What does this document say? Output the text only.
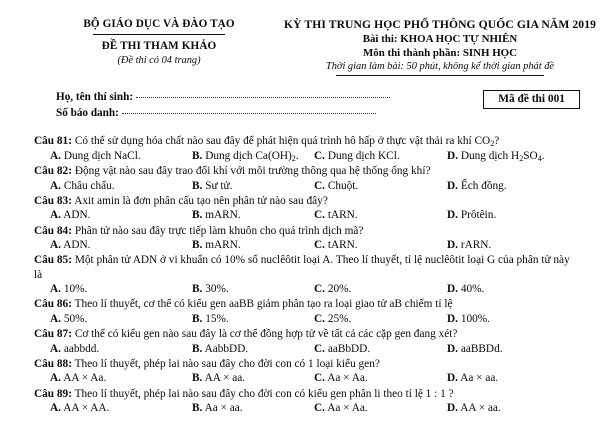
BỘ GIÁO DỤC VÀ ĐÀO TẠO
ĐỀ THI THAM KHẢO
(Đề thi có 04 trang)
KỲ THI TRUNG HỌC PHỔ THÔNG QUỐC GIA NĂM 2019
Bài thi: KHOA HỌC TỰ NHIÊN
Môn thi thành phần: SINH HỌC
Thời gian làm bài: 50 phút, không kể thời gian phát đề
Họ, tên thí sinh:
Số báo danh:
Mã đề thi 001
Câu 81: Có thể sử dụng hóa chất nào sau đây để phát hiện quá trình hô hấp ở thực vật thải ra khí $CO_2$?
A. Dung dịch NaCl.	B. Dung dịch $Ca(OH)_2$.	C. Dung dịch KCl.	D. Dung dịch $H_2SO_4$.
Câu 82: Động vật nào sau đây trao đổi khí với môi trường thông qua hệ thống ống khí?
A. Châu chấu.	B. Sư tử.	C. Chuột.	D. Ếch đồng.
Câu 83: Axit amin là đơn phân cấu tạo nên phân tử nào sau đây?
A. ADN.	B. mARN.	C. tARN.	D. Prôtêin.
Câu 84: Phân tử nào sau đây trực tiếp làm khuôn cho quá trình dịch mã?
A. ADN.	B. mARN.	C. tARN.	D. rARN.
Câu 85: Một phân tử ADN ở vi khuẩn có 10% số nuclêôtit loại A. Theo lí thuyết, tỉ lệ nuclêôtit loại G của phân tử này là
A. 10%.	B. 30%.	C. 20%.	D. 40%.
Câu 86: Theo lí thuyết, cơ thể có kiểu gen aaBB giảm phân tạo ra loại giao tử aB chiếm tỉ lệ
A. 50%.	B. 15%.	C. 25%.	D. 100%.
Câu 87: Cơ thể có kiểu gen nào sau đây là cơ thể đồng hợp tử về tất cả các cặp gen đang xét?
A. aabbdd.	B. AabbDD.	C. aaBbDD.	D. aaBBDd.
Câu 88: Theo lí thuyết, phép lai nào sau đây cho đời con có 1 loại kiểu gen?
A. AA × Aa.	B. AA × aa.	C. Aa × Aa.	D. Aa × aa.
Câu 89: Theo lí thuyết, phép lai nào sau đây cho đời con có kiểu gen phân li theo tỉ lệ 1 : 1 ?
A. AA × AA.	B. Aa × aa.	C. Aa × Aa.	D. AA × aa.
